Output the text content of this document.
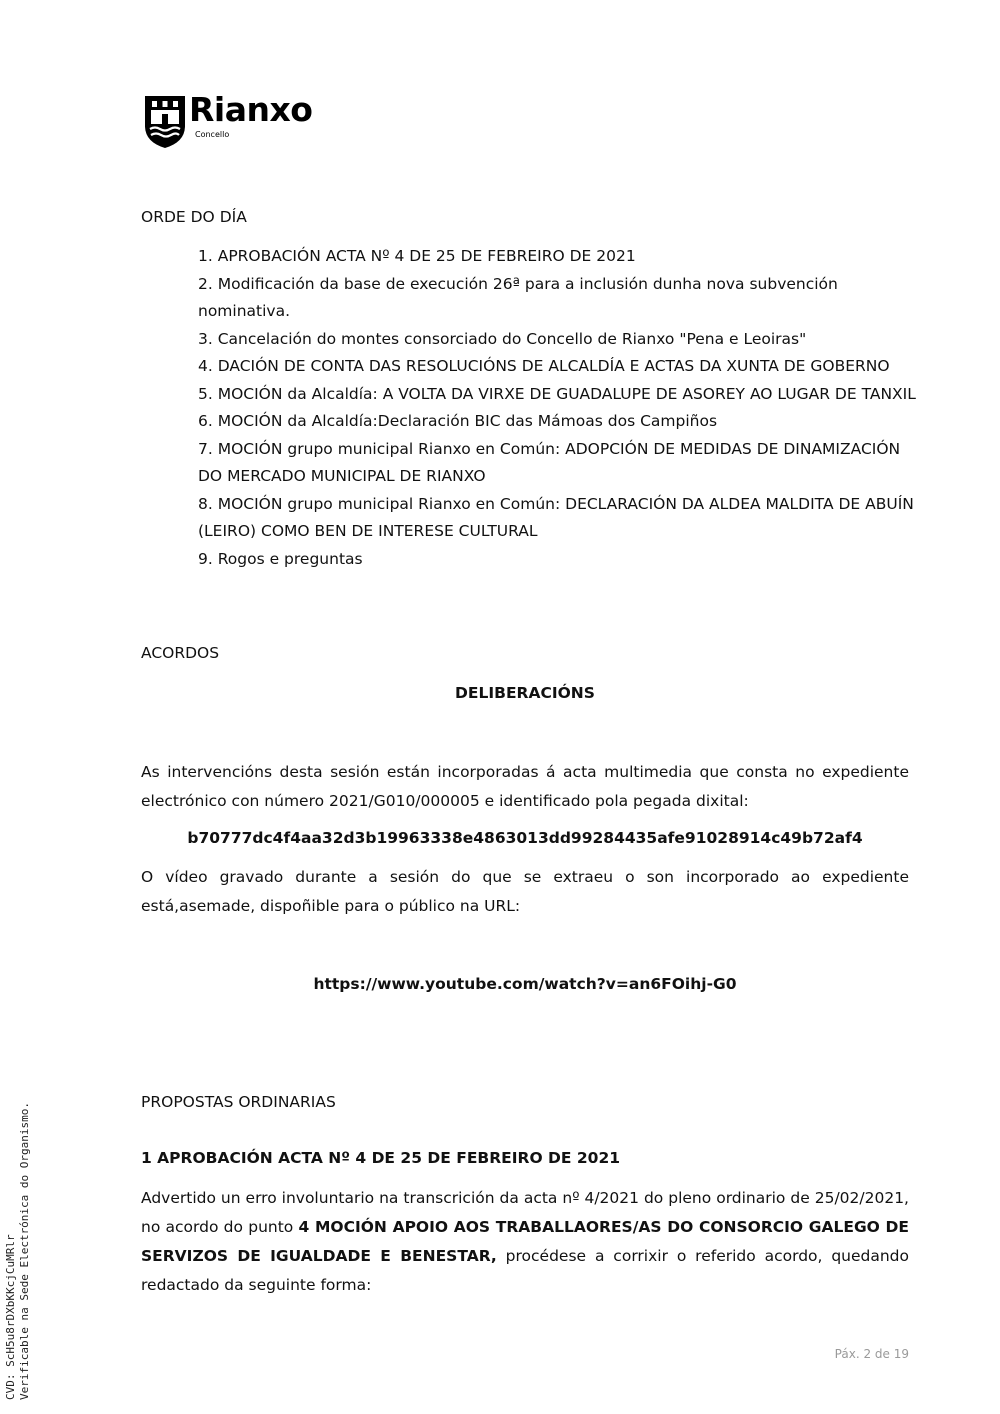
Rianxo
Concello
ORDE DO DÍA
1. APROBACIÓN ACTA Nº 4 DE 25 DE FEBREIRO DE 2021
2. Modificación da base de execución 26ª para a inclusión dunha nova subvención nominativa.
3. Cancelación do montes consorciado do Concello de Rianxo "Pena e Leoiras"
4. DACIÓN DE CONTA DAS RESOLUCIÓNS DE ALCALDÍA E ACTAS DA XUNTA DE GOBERNO
5. MOCIÓN da Alcaldía: A VOLTA DA VIRXE DE GUADALUPE DE ASOREY AO LUGAR DE TANXIL
6. MOCIÓN da Alcaldía:Declaración BIC das Mámoas dos Campiños
7. MOCIÓN grupo municipal Rianxo en Común: ADOPCIÓN DE MEDIDAS DE DINAMIZACIÓN DO MERCADO MUNICIPAL DE RIANXO
8. MOCIÓN grupo municipal Rianxo en Común: DECLARACIÓN DA ALDEA MALDITA DE ABUÍN (LEIRO) COMO BEN DE INTERESE CULTURAL
9. Rogos e preguntas
ACORDOS
DELIBERACIÓNS
As intervencións desta sesión están incorporadas á acta multimedia que consta no expediente electrónico con número 2021/G010/000005 e identificado pola pegada dixital:
b70777dc4f4aa32d3b19963338e4863013dd99284435afe91028914c49b72af4
O vídeo gravado durante a sesión do que se extraeu o son incorporado ao expediente está,asemade, dispoñible para o público na URL:
https://www.youtube.com/watch?v=an6FOihj-G0
PROPOSTAS ORDINARIAS
1 APROBACIÓN ACTA Nº 4 DE 25 DE FEBREIRO DE 2021
Advertido un erro involuntario na transcrición da acta nº 4/2021 do pleno ordinario de 25/02/2021, no acordo do punto 4 MOCIÓN APOIO AOS TRABALLAORES/AS DO CONSORCIO GALEGO DE SERVIZOS DE IGUALDADE E BENESTAR, procédese a corrixir o referido acordo, quedando redactado da seguinte forma:
Páx. 2 de 19
CVD: ScH5u8rDXbKKcjCuMRlr Verificable na Sede Electrónica do Organismo.
